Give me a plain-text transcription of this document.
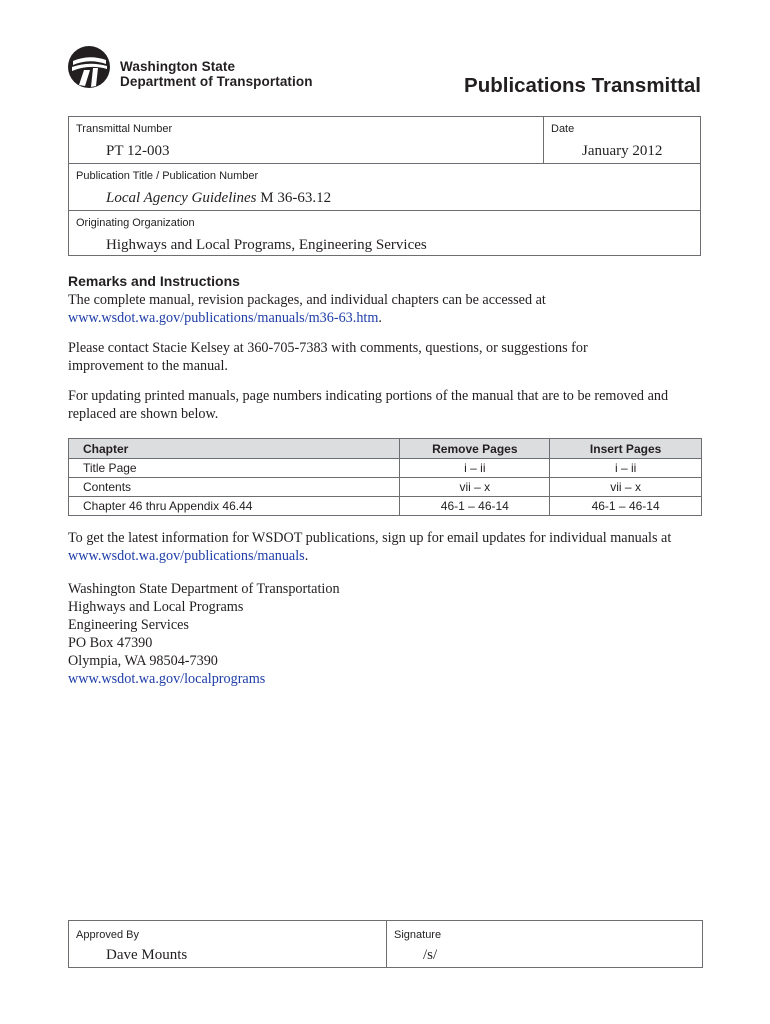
Washington State
Department of Transportation	Publications Transmittal
Transmittal Number
PT 12-003
Date
January 2012
Publication Title / Publication Number
Local Agency Guidelines M 36-63.12
Originating Organization
Highways and Local Programs, Engineering Services
Remarks and Instructions
The complete manual, revision packages, and individual chapters can be accessed at
www.wsdot.wa.gov/publications/manuals/m36-63.htm.
Please contact Stacie Kelsey at 360-705-7383 with comments, questions, or suggestions for improvement to the manual.
For updating printed manuals, page numbers indicating portions of the manual that are to be removed and replaced are shown below.
Chapter	Remove Pages	Insert Pages
Title Page	i – ii	i – ii
Contents	vii – x	vii – x
Chapter 46 thru Appendix 46.44	46-1 – 46-14	46-1 – 46-14
To get the latest information for WSDOT publications, sign up for email updates for individual manuals at www.wsdot.wa.gov/publications/manuals.
Washington State Department of Transportation
Highways and Local Programs
Engineering Services
PO Box 47390
Olympia, WA 98504-7390
www.wsdot.wa.gov/localprograms
Approved By
Dave Mounts
Signature
/s/
